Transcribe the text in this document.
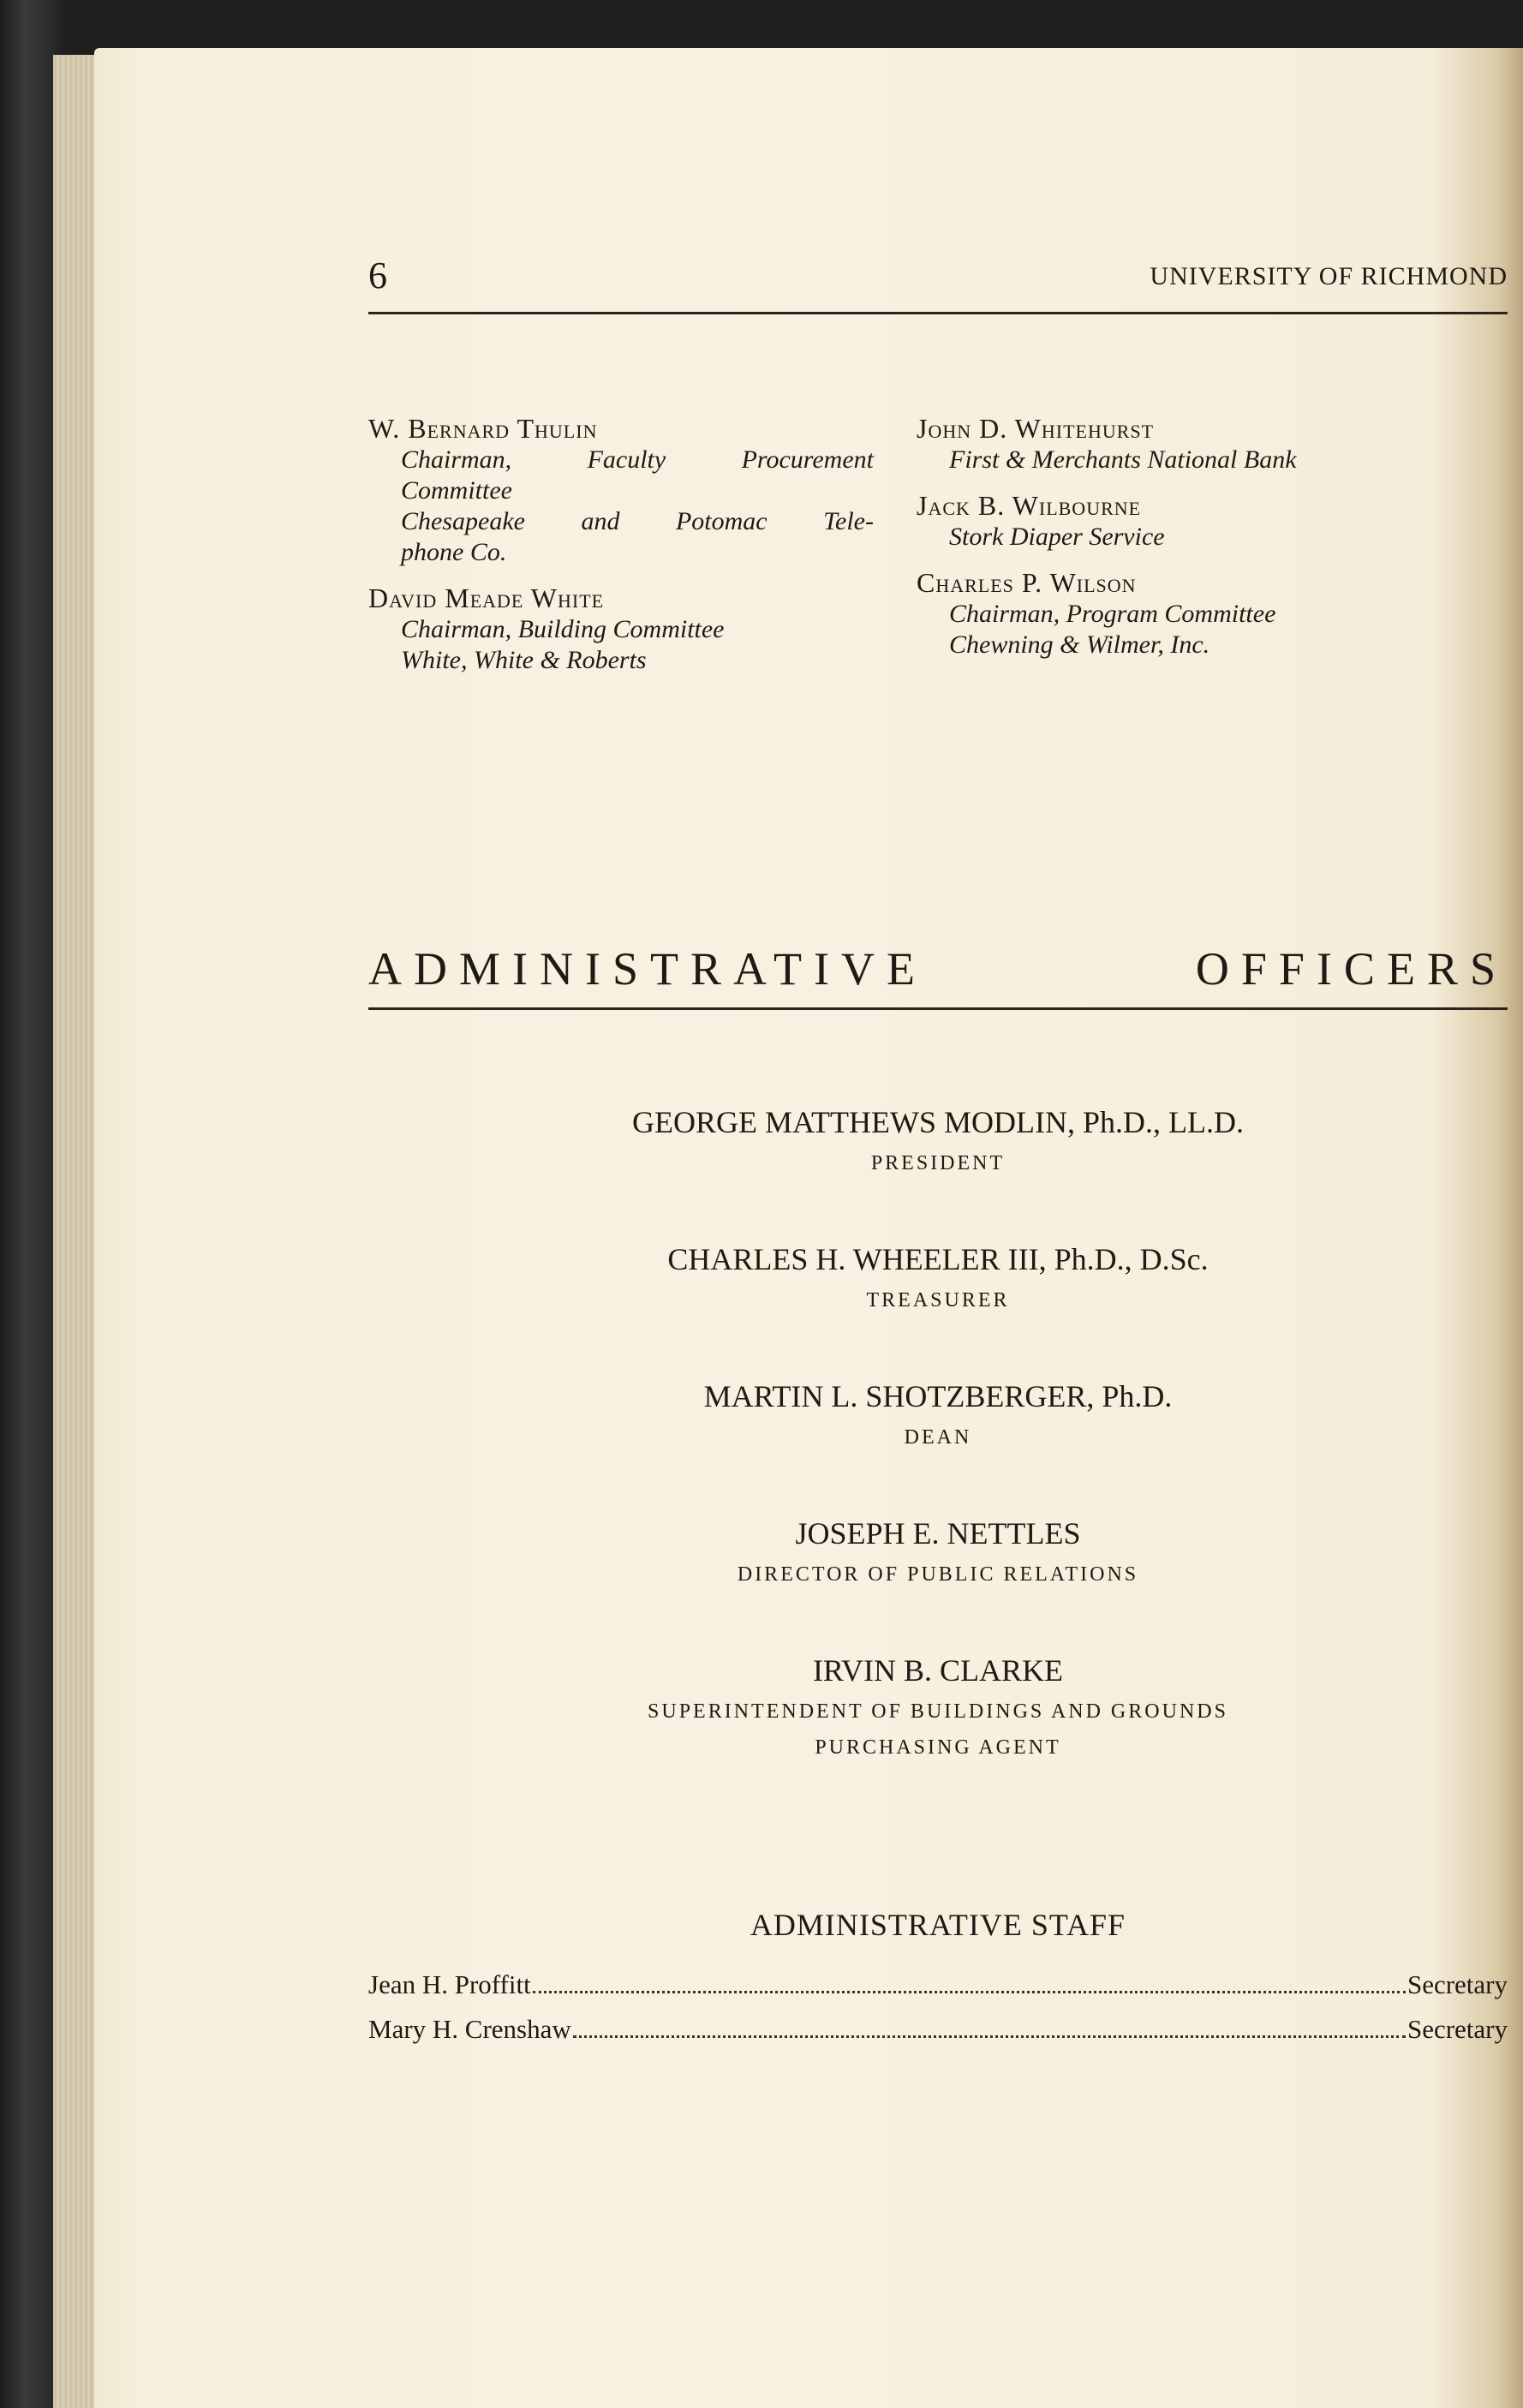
6	UNIVERSITY OF RICHMOND
W. Bernard Thulin
Chairman, Faculty Procurement
Committee
Chesapeake and Potomac Tele-
phone Co.
David Meade White
Chairman, Building Committee
White, White & Roberts
John D. Whitehurst
First & Merchants National Bank
Jack B. Wilbourne
Stork Diaper Service
Charles P. Wilson
Chairman, Program Committee
Chewning & Wilmer, Inc.
ADMINISTRATIVE OFFICERS
GEORGE MATTHEWS MODLIN, Ph.D., LL.D.
PRESIDENT
CHARLES H. WHEELER III, Ph.D., D.Sc.
TREASURER
MARTIN L. SHOTZBERGER, Ph.D.
DEAN
JOSEPH E. NETTLES
DIRECTOR OF PUBLIC RELATIONS
IRVIN B. CLARKE
SUPERINTENDENT OF BUILDINGS AND GROUNDS
PURCHASING AGENT
ADMINISTRATIVE STAFF
Jean H. Proffitt	Secretary
Mary H. Crenshaw	Secretary
